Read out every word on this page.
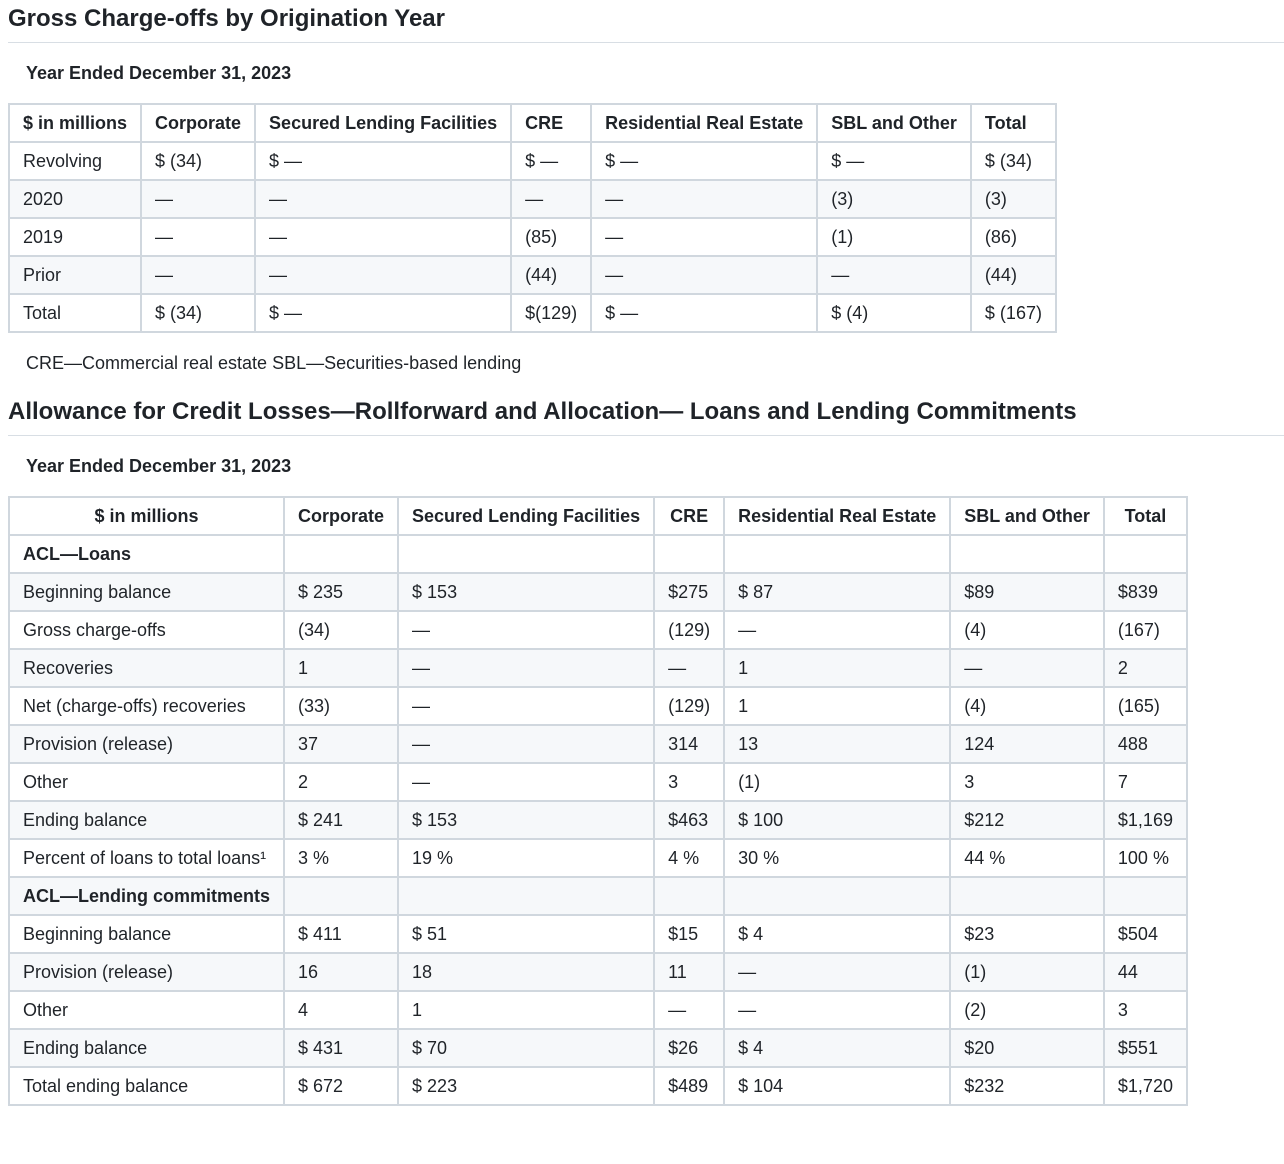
Gross Charge-offs by Origination Year
Year Ended December 31, 2023
$ in millions	Corporate	Secured Lending Facilities	CRE	Residential Real Estate	SBL and Other	Total
Revolving	$ (34)	$ —	$ —	$ —	$ —	$ (34)
2020	—	—	—	—	(3)	(3)
2019	—	—	(85)	—	(1)	(86)
Prior	—	—	(44)	—	—	(44)
Total	$ (34)	$ —	$(129)	$ —	$ (4)	$ (167)
CRE—Commercial real estate SBL—Securities-based lending
Allowance for Credit Losses—Rollforward and Allocation— Loans and Lending Commitments
Year Ended December 31, 2023
$ in millions	Corporate	Secured Lending Facilities	CRE	Residential Real Estate	SBL and Other	Total
ACL—Loans						
Beginning balance	$ 235	$ 153	$275	$ 87	$89	$839
Gross charge-offs	(34)	—	(129)	—	(4)	(167)
Recoveries	1	—	—	1	—	2
Net (charge-offs) recoveries	(33)	—	(129)	1	(4)	(165)
Provision (release)	37	—	314	13	124	488
Other	2	—	3	(1)	3	7
Ending balance	$ 241	$ 153	$463	$ 100	$212	$1,169
Percent of loans to total loans¹	3 %	19 %	4 %	30 %	44 %	100 %
ACL—Lending commitments						
Beginning balance	$ 411	$ 51	$15	$ 4	$23	$504
Provision (release)	16	18	11	—	(1)	44
Other	4	1	—	—	(2)	3
Ending balance	$ 431	$ 70	$26	$ 4	$20	$551
Total ending balance	$ 672	$ 223	$489	$ 104	$232	$1,720
